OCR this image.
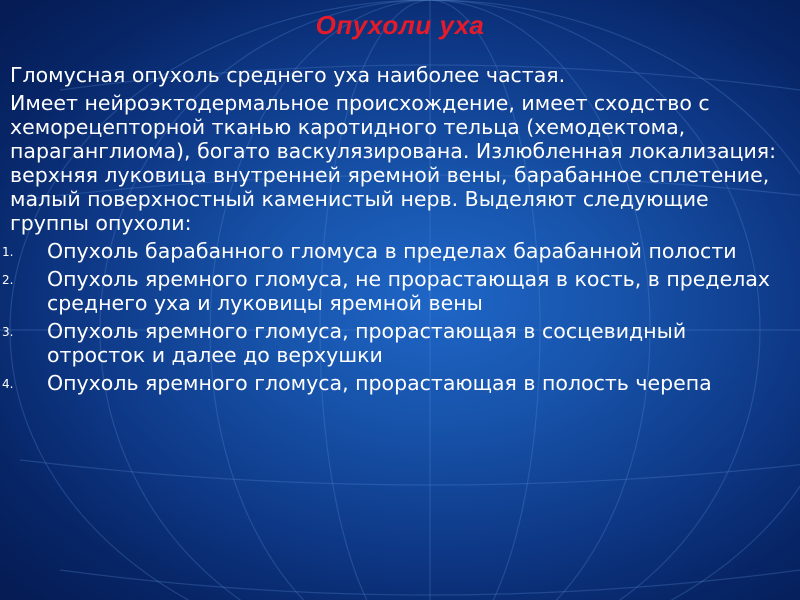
Опухоли уха

Гломусная опухоль среднего уха наиболее частая.

Имеет нейроэктодермальное происхождение, имеет сходство с хеморецепторной тканью каротидного тельца (хемодектома, параганглиома), богато васкулязирована. Излюбленная локализация: верхняя луковица внутренней яремной вены, барабанное сплетение, малый поверхностный каменистый нерв. Выделяют следующие группы опухоли:

1. Опухоль барабанного гломуса в пределах барабанной полости
2. Опухоль яремного гломуса, не прорастающая в кость, в пределах среднего уха и луковицы яремной вены
3. Опухоль яремного гломуса, прорастающая в сосцевидный отросток и далее до верхушки
4. Опухоль яремного гломуса, прорастающая в полость черепа
